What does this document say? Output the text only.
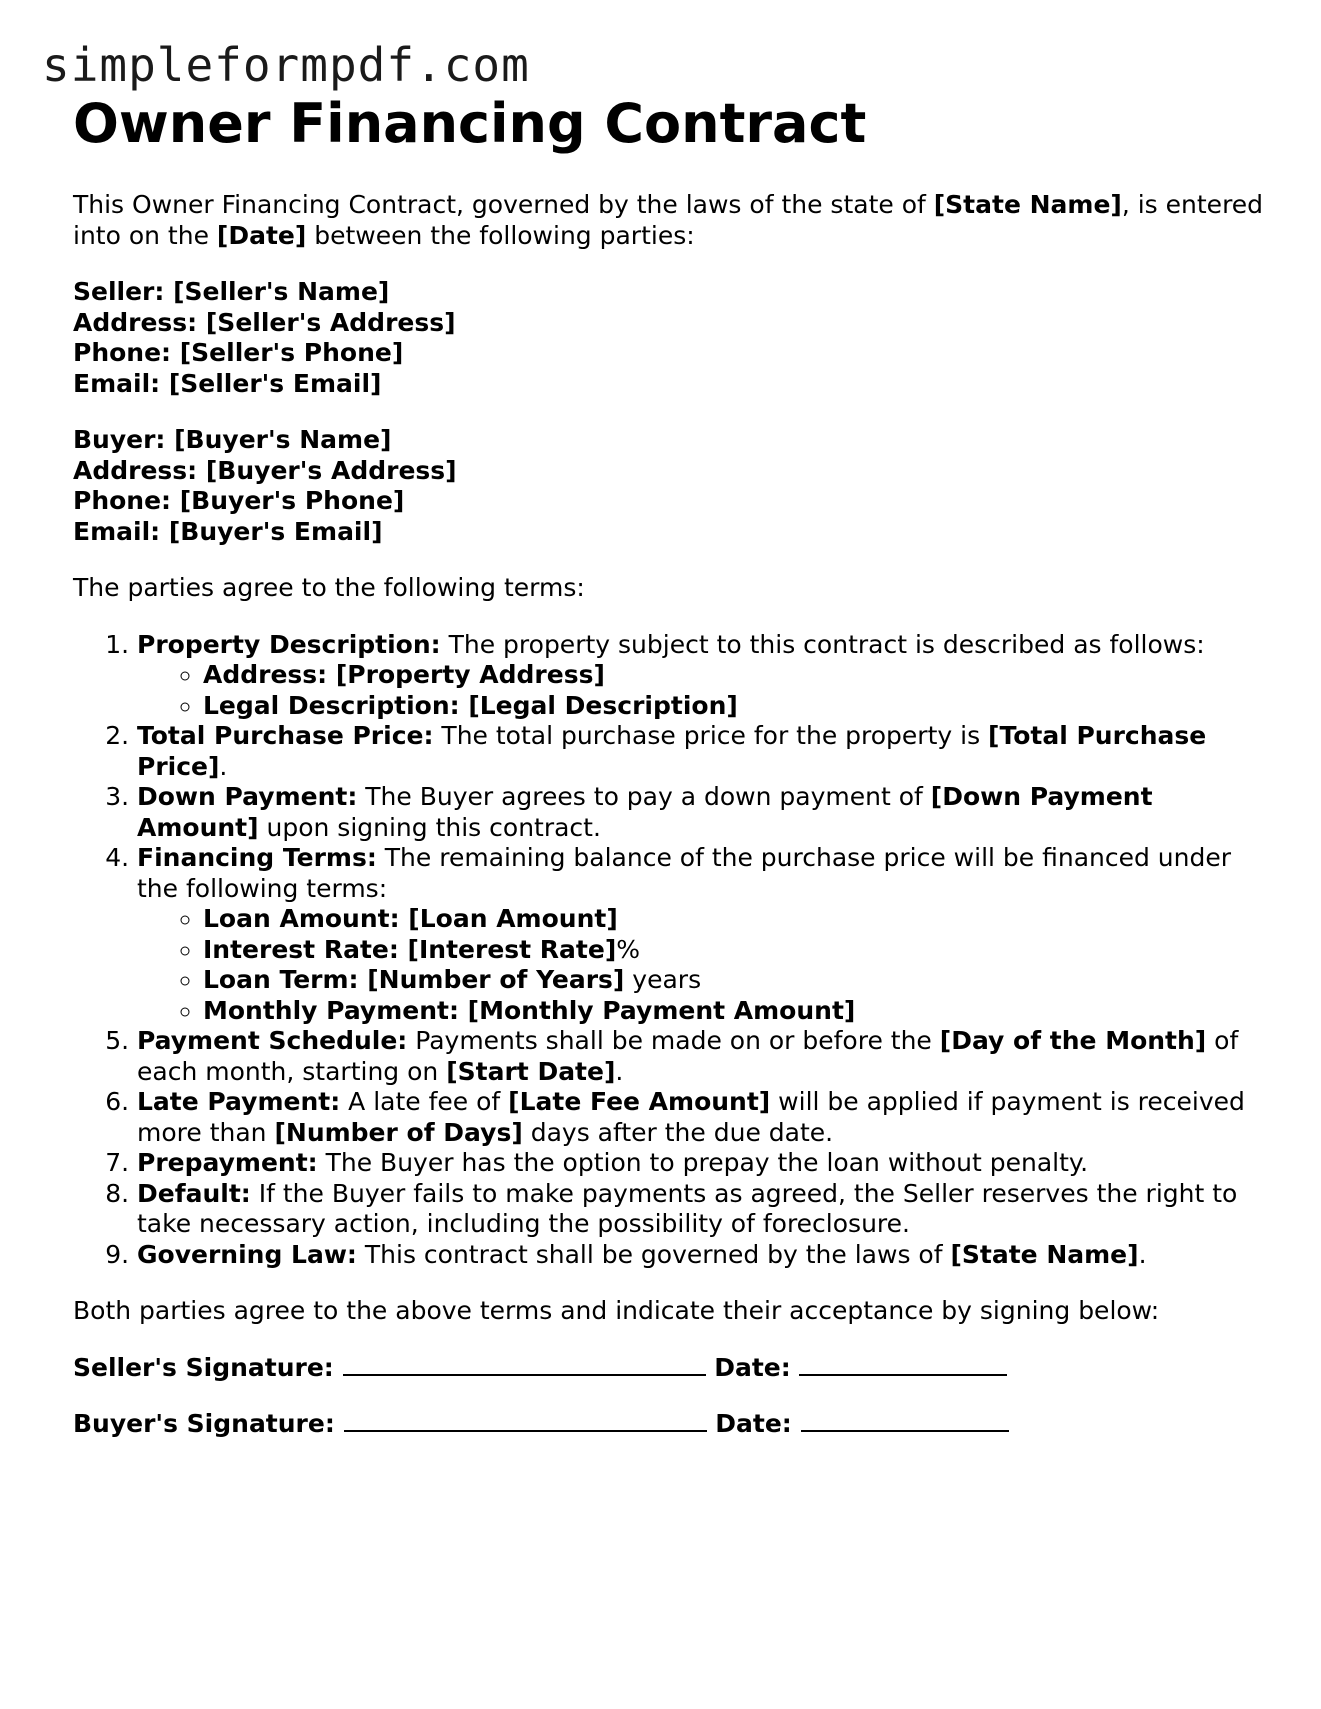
simpleformpdf.com
Owner Financing Contract

This Owner Financing Contract, governed by the laws of the state of [State Name], is entered into on the [Date] between the following parties:

Seller: [Seller's Name]
Address: [Seller's Address]
Phone: [Seller's Phone]
Email: [Seller's Email]
Buyer: [Buyer's Name]
Address: [Buyer's Address]
Phone: [Buyer's Phone]
Email: [Buyer's Email]

The parties agree to the following terms:

1. Property Description: The property subject to this contract is described as follows:
◦ Address: [Property Address]
◦ Legal Description: [Legal Description]
2. Total Purchase Price: The total purchase price for the property is [Total Purchase Price].
3. Down Payment: The Buyer agrees to pay a down payment of [Down Payment Amount] upon signing this contract.
4. Financing Terms: The remaining balance of the purchase price will be financed under the following terms:
◦ Loan Amount: [Loan Amount]
◦ Interest Rate: [Interest Rate]%
◦ Loan Term: [Number of Years] years
◦ Monthly Payment: [Monthly Payment Amount]
5. Payment Schedule: Payments shall be made on or before the [Day of the Month] of each month, starting on [Start Date].
6. Late Payment: A late fee of [Late Fee Amount] will be applied if payment is received more than [Number of Days] days after the due date.
7. Prepayment: The Buyer has the option to prepay the loan without penalty.
8. Default: If the Buyer fails to make payments as agreed, the Seller reserves the right to take necessary action, including the possibility of foreclosure.
9. Governing Law: This contract shall be governed by the laws of [State Name].

Both parties agree to the above terms and indicate their acceptance by signing below:

Seller's Signature:	Date:
Buyer's Signature:	Date:
